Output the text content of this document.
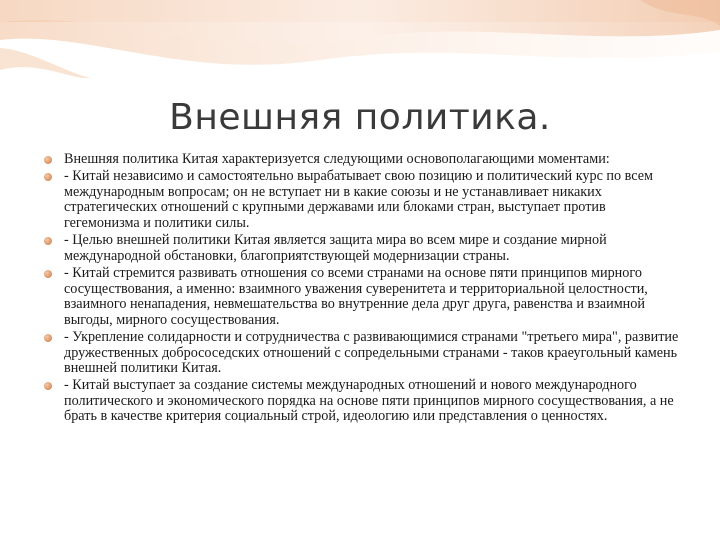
Внешняя политика.
Внешняя политика Китая характеризуется следующими основополагающими моментами:
- Китай независимо и самостоятельно вырабатывает свою позицию и политический курс по всем международным вопросам; он не вступает ни в какие союзы и не устанавливает никаких стратегических отношений с крупными державами или блоками стран, выступает против гегемонизма и политики силы.
- Целью внешней политики Китая является защита мира во всем мире и создание мирной международной обстановки, благоприятствующей модернизации страны.
- Китай стремится развивать отношения со всеми странами на основе пяти принципов мирного сосуществования, а именно: взаимного уважения суверенитета и территориальной целостности, взаимного ненападения, невмешательства во внутренние дела друг друга, равенства и взаимной выгоды, мирного сосуществования.
- Укрепление солидарности и сотрудничества с развивающимися странами "третьего мира", развитие дружественных добрососедских отношений с сопредельными странами - таков краеугольный камень внешней политики Китая.
- Китай выступает за создание системы международных отношений и нового международного политического и экономического порядка на основе пяти принципов мирного сосуществования, а не брать в качестве критерия социальный строй, идеологию или представления о ценностях.
